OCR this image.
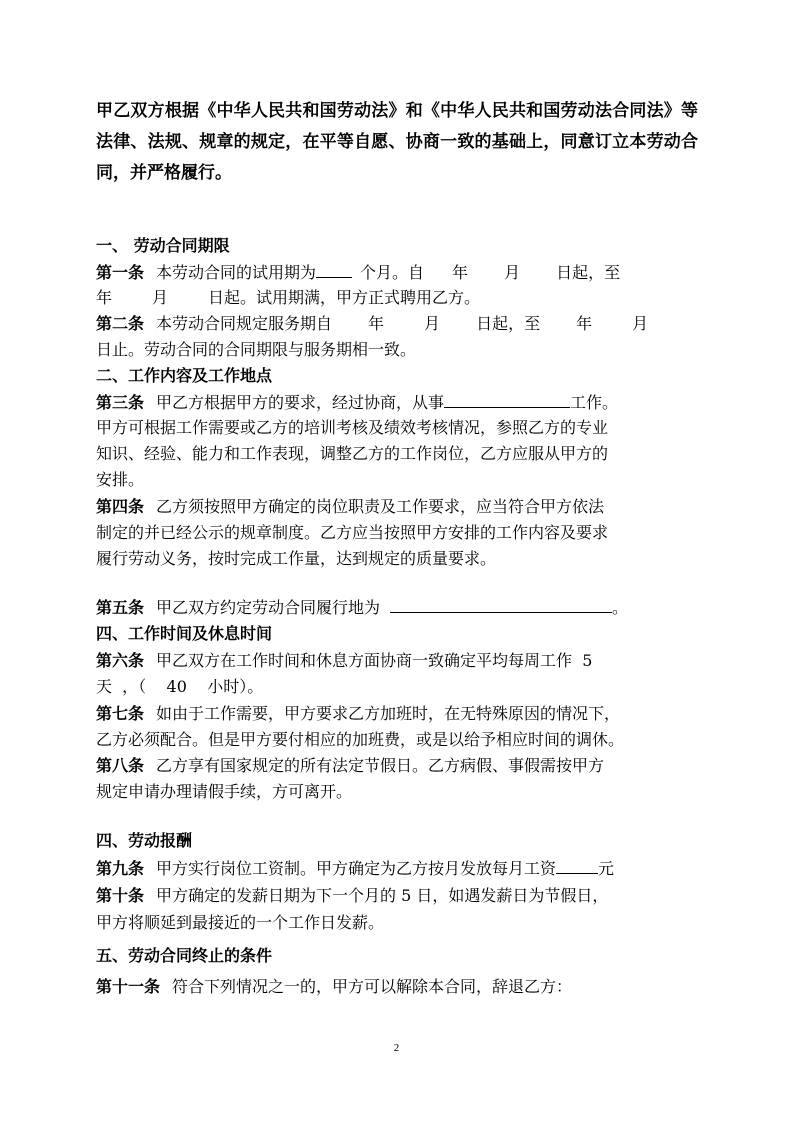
甲乙双方根据《中华人民共和国劳动法》和《中华人民共和国劳动法合同法》等法律、法规、规章的规定，在平等自愿、协商一致的基础上，同意订立本劳动合同，并严格履行。
一、 劳动合同期限
第一条 本劳动合同的试用期为	个月。自 年 月 日起，至
年	月	日起。试用期满，甲方正式聘用乙方。
第二条 本劳动合同规定服务期自 年	月 日起，至 年	月
日止。劳动合同的合同期限与服务期相一致。
二、工作内容及工作地点
第三条 甲乙方根据甲方的要求，经过协商，从事	工作。
甲方可根据工作需要或乙方的培训考核及绩效考核情况，参照乙方的专业
知识、经验、能力和工作表现，调整乙方的工作岗位，乙方应服从甲方的
安排。
第四条 乙方须按照甲方确定的岗位职责及工作要求，应当符合甲方依法
制定的并已经公示的规章制度。乙方应当按照甲方安排的工作内容及要求
履行劳动义务，按时完成工作量，达到规定的质量要求。
第五条 甲乙双方约定劳动合同履行地为	。
四、工作时间及休息时间
第六条 甲乙双方在工作时间和休息方面协商一致确定平均每周工作  5
天  ，（    40    小时）。
第七条 如由于工作需要，甲方要求乙方加班时，在无特殊原因的情况下，
乙方必须配合。但是甲方要付相应的加班费，或是以给予相应时间的调休。
第八条 乙方享有国家规定的所有法定节假日。乙方病假、事假需按甲方
规定申请办理请假手续，方可离开。
四、劳动报酬
第九条 甲方实行岗位工资制。甲方确定为乙方按月发放每月工资	元
第十条 甲方确定的发薪日期为下一个月的 5 日，如遇发薪日为节假日，
甲方将顺延到最接近的一个工作日发薪。
五、劳动合同终止的条件
第十一条 符合下列情况之一的，甲方可以解除本合同，辞退乙方：
2
